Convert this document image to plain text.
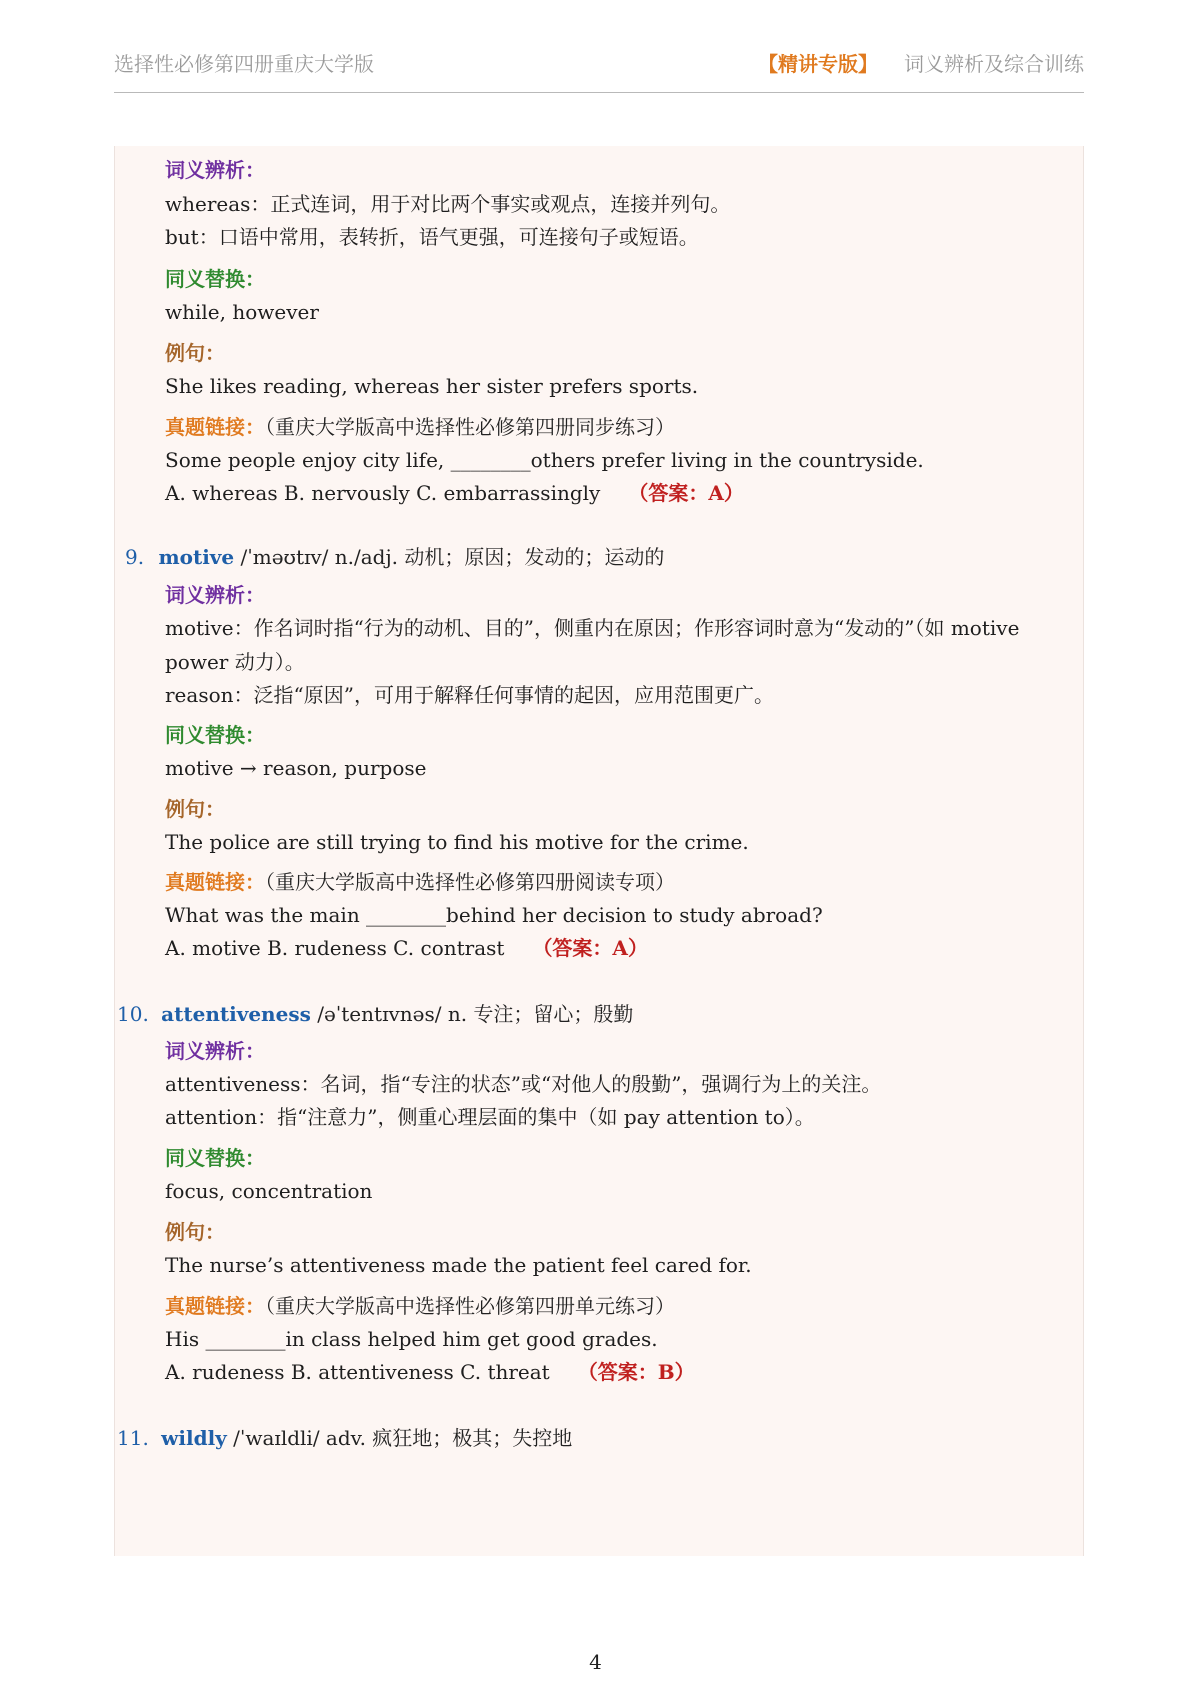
选择性必修第四册重庆大学版	【精讲专版】 词义辨析及综合训练
词义辨析：
whereas：正式连词，用于对比两个事实或观点，连接并列句。
but：口语中常用，表转折，语气更强，可连接句子或短语。
同义替换：
while, however
例句：
She likes reading, whereas her sister prefers sports.
真题链接：（重庆大学版高中选择性必修第四册同步练习）
Some people enjoy city life, ________others prefer living in the countryside.
A. whereas B. nervously C. embarrassingly （答案：A）
9. motive /ˈməʊtɪv/ n./adj. 动机；原因；发动的；运动的
词义辨析：
motive：作名词时指“行为的动机、目的”，侧重内在原因；作形容词时意为“发动的”（如 motive power 动力）。
reason：泛指“原因”，可用于解释任何事情的起因，应用范围更广。
同义替换：
motive → reason, purpose
例句：
The police are still trying to find his motive for the crime.
真题链接：（重庆大学版高中选择性必修第四册阅读专项）
What was the main ________behind her decision to study abroad?
A. motive B. rudeness C. contrast （答案：A）
10. attentiveness /əˈtentɪvnəs/ n. 专注；留心；殷勤
词义辨析：
attentiveness：名词，指“专注的状态”或“对他人的殷勤”，强调行为上的关注。
attention：指“注意力”，侧重心理层面的集中（如 pay attention to）。
同义替换：
focus, concentration
例句：
The nurse’s attentiveness made the patient feel cared for.
真题链接：（重庆大学版高中选择性必修第四册单元练习）
His ________in class helped him get good grades.
A. rudeness B. attentiveness C. threat （答案：B）
11. wildly /ˈwaɪldli/ adv. 疯狂地；极其；失控地
4
